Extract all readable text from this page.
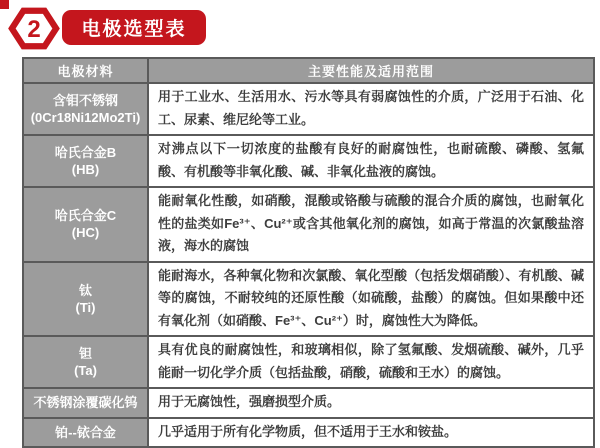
2	电极选型表
电极材料	主要性能及适用范围
含钼不锈钢
(0Cr18Ni12Mo2Ti)	用于工业水、生活用水、污水等具有弱腐蚀性的介质，广泛用于石油、化工、尿素、维尼纶等工业。
哈氏合金B
(HB)	对沸点以下一切浓度的盐酸有良好的耐腐蚀性，也耐硫酸、磷酸、氢氟酸、有机酸等非氧化酸、碱、非氧化盐液的腐蚀。
哈氏合金C
(HC)	能耐氧化性酸，如硝酸，混酸或铬酸与硫酸的混合介质的腐蚀，也耐氧化性的盐类如Fe³⁺、Cu²⁺或含其他氧化剂的腐蚀，如高于常温的次氯酸盐溶液，海水的腐蚀
钛
(Ti)	能耐海水，各种氧化物和次氯酸、氧化型酸（包括发烟硝酸）、有机酸、碱等的腐蚀，不耐较纯的还原性酸（如硫酸，盐酸）的腐蚀。但如果酸中还有氧化剂（如硝酸、Fe³⁺、Cu²⁺）时，腐蚀性大为降低。
钽
(Ta)	具有优良的耐腐蚀性，和玻璃相似，除了氢氟酸、发烟硫酸、碱外，几乎能耐一切化学介质（包括盐酸，硝酸，硫酸和王水）的腐蚀。
不锈钢涂覆碳化钨	用于无腐蚀性，强磨损型介质。
铂--铱合金	几乎适用于所有化学物质，但不适用于王水和铵盐。
